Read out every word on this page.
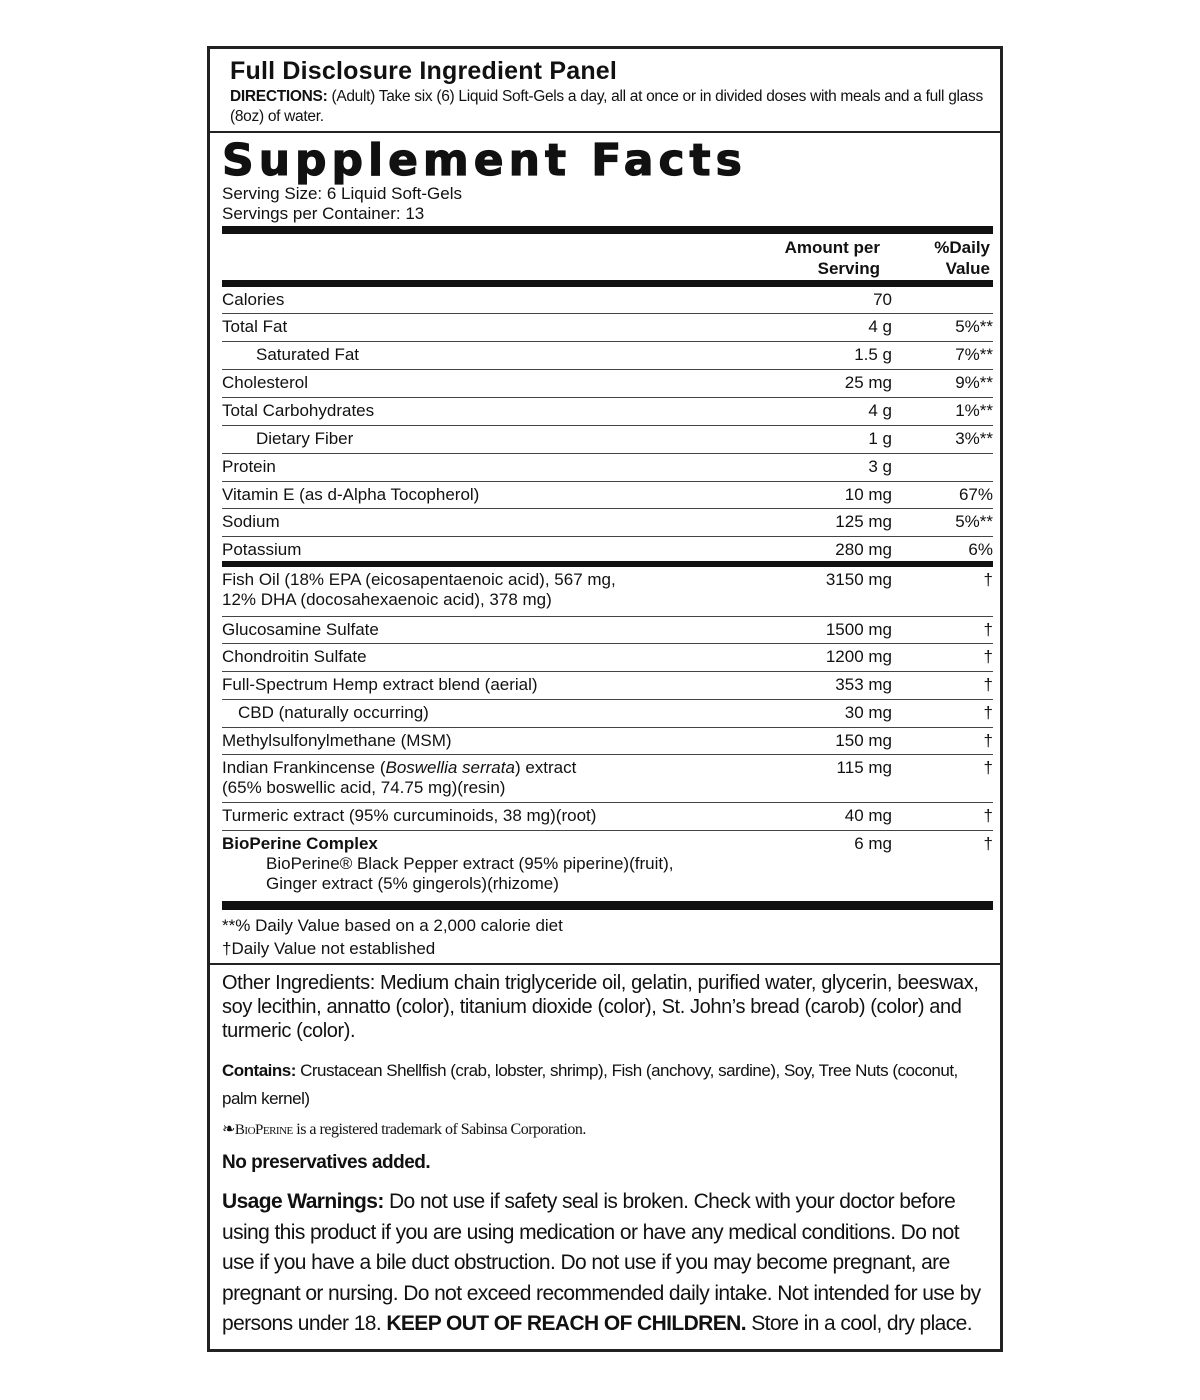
Full Disclosure Ingredient Panel
DIRECTIONS: (Adult) Take six (6) Liquid Soft-Gels a day, all at once or in divided doses with meals and a full glass (8oz) of water.
Supplement Facts
Serving Size: 6 Liquid Soft-Gels
Servings per Container: 13
Amount per Serving
%Daily Value
Calories	70
Total Fat	4 g	5%**
Saturated Fat	1.5 g	7%**
Cholesterol	25 mg	9%**
Total Carbohydrates	4 g	1%**
Dietary Fiber	1 g	3%**
Protein	3 g
Vitamin E (as d-Alpha Tocopherol)	10 mg	67%
Sodium	125 mg	5%**
Potassium	280 mg	6%
Fish Oil (18% EPA (eicosapentaenoic acid), 567 mg,
12% DHA (docosahexaenoic acid), 378 mg)
3150 mg	†
Glucosamine Sulfate	1500 mg	†
Chondroitin Sulfate	1200 mg	†
Full-Spectrum Hemp extract blend (aerial)	353 mg	†
CBD (naturally occurring)	30 mg	†
Methylsulfonylmethane (MSM)	150 mg	†
Indian Frankincense (Boswellia serrata) extract
(65% boswellic acid, 74.75 mg)(resin)
115 mg	†
Turmeric extract (95% curcuminoids, 38 mg)(root)	40 mg	†
BioPerine Complex
BioPerine® Black Pepper extract (95% piperine)(fruit),
Ginger extract (5% gingerols)(rhizome)
6 mg	†
**% Daily Value based on a 2,000 calorie diet
†Daily Value not established
Other Ingredients: Medium chain triglyceride oil, gelatin, purified water, glycerin, beeswax, soy lecithin, annatto (color), titanium dioxide (color), St. John’s bread (carob) (color) and turmeric (color).
Contains: Crustacean Shellfish (crab, lobster, shrimp), Fish (anchovy, sardine), Soy, Tree Nuts (coconut, palm kernel)
❧BioPerine is a registered trademark of Sabinsa Corporation.
No preservatives added.
Usage Warnings: Do not use if safety seal is broken. Check with your doctor before using this product if you are using medication or have any medical conditions. Do not use if you have a bile duct obstruction. Do not use if you may become pregnant, are pregnant or nursing. Do not exceed recommended daily intake. Not intended for use by persons under 18. KEEP OUT OF REACH OF CHILDREN. Store in a cool, dry place.
